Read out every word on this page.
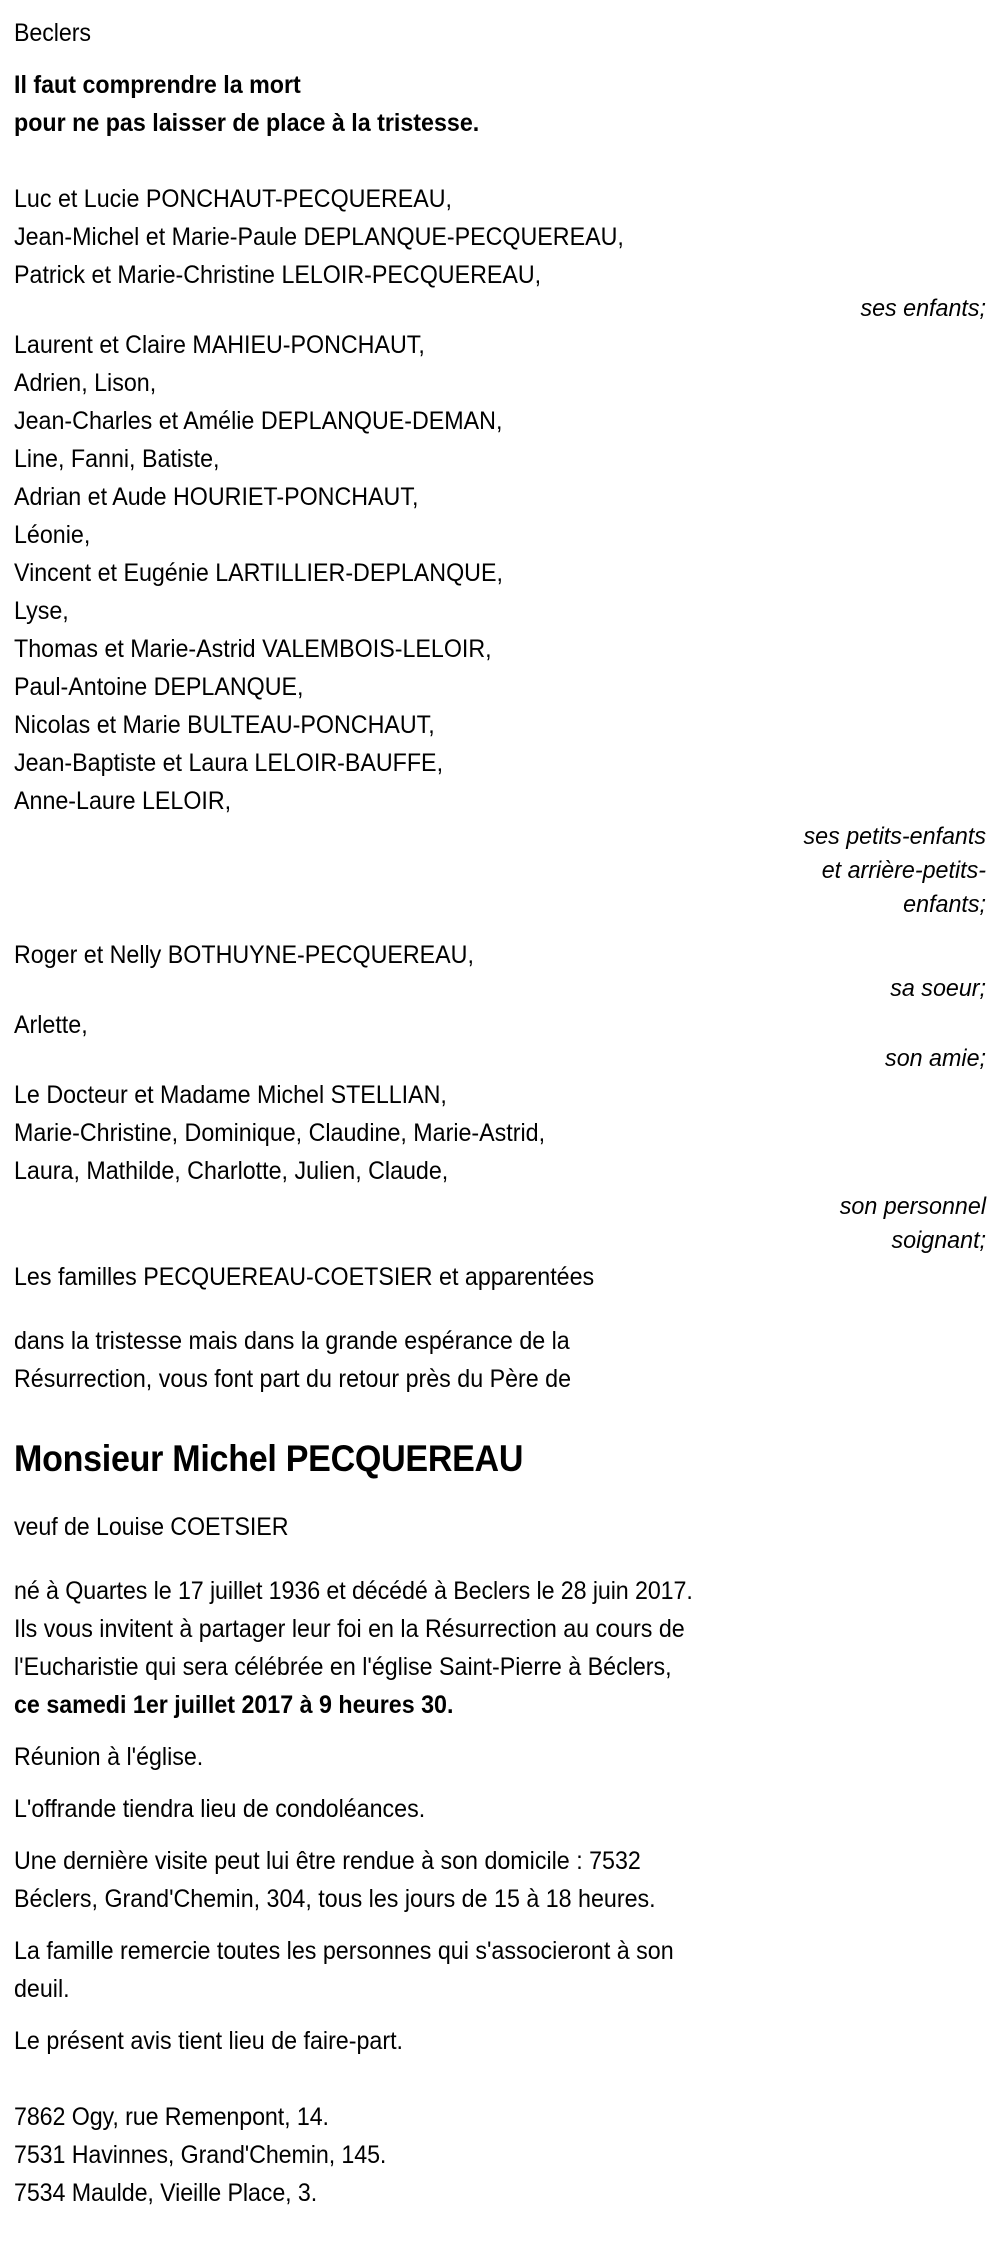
Beclers
Il faut comprendre la mort
pour ne pas laisser de place à la tristesse.
Luc et Lucie PONCHAUT-PECQUEREAU,
Jean-Michel et Marie-Paule DEPLANQUE-PECQUEREAU,
Patrick et Marie-Christine LELOIR-PECQUEREAU,
ses enfants;
Laurent et Claire MAHIEU-PONCHAUT,
Adrien, Lison,
Jean-Charles et Amélie DEPLANQUE-DEMAN,
Line, Fanni, Batiste,
Adrian et Aude HOURIET-PONCHAUT,
Léonie,
Vincent et Eugénie LARTILLIER-DEPLANQUE,
Lyse,
Thomas et Marie-Astrid VALEMBOIS-LELOIR,
Paul-Antoine DEPLANQUE,
Nicolas et Marie BULTEAU-PONCHAUT,
Jean-Baptiste et Laura LELOIR-BAUFFE,
Anne-Laure LELOIR,
ses petits-enfants
et arrière-petits-
enfants;
Roger et Nelly BOTHUYNE-PECQUEREAU,
sa soeur;
Arlette,
son amie;
Le Docteur et Madame Michel STELLIAN,
Marie-Christine, Dominique, Claudine, Marie-Astrid,
Laura, Mathilde, Charlotte, Julien, Claude,
son personnel
soignant;
Les familles PECQUEREAU-COETSIER et apparentées
dans la tristesse mais dans la grande espérance de la Résurrection, vous font part du retour près du Père de
Monsieur Michel PECQUEREAU
veuf de Louise COETSIER
né à Quartes le 17 juillet 1936 et décédé à Beclers le 28 juin 2017.
Ils vous invitent à partager leur foi en la Résurrection au cours de l'Eucharistie qui sera célébrée en l'église Saint-Pierre à Béclers, ce samedi 1er juillet 2017 à 9 heures 30.
Réunion à l'église.
L'offrande tiendra lieu de condoléances.
Une dernière visite peut lui être rendue à son domicile : 7532 Béclers, Grand'Chemin, 304, tous les jours de 15 à 18 heures.
La famille remercie toutes les personnes qui s'associeront à son deuil.
Le présent avis tient lieu de faire-part.
7862 Ogy, rue Remenpont, 14.
7531 Havinnes, Grand'Chemin, 145.
7534 Maulde, Vieille Place, 3.
